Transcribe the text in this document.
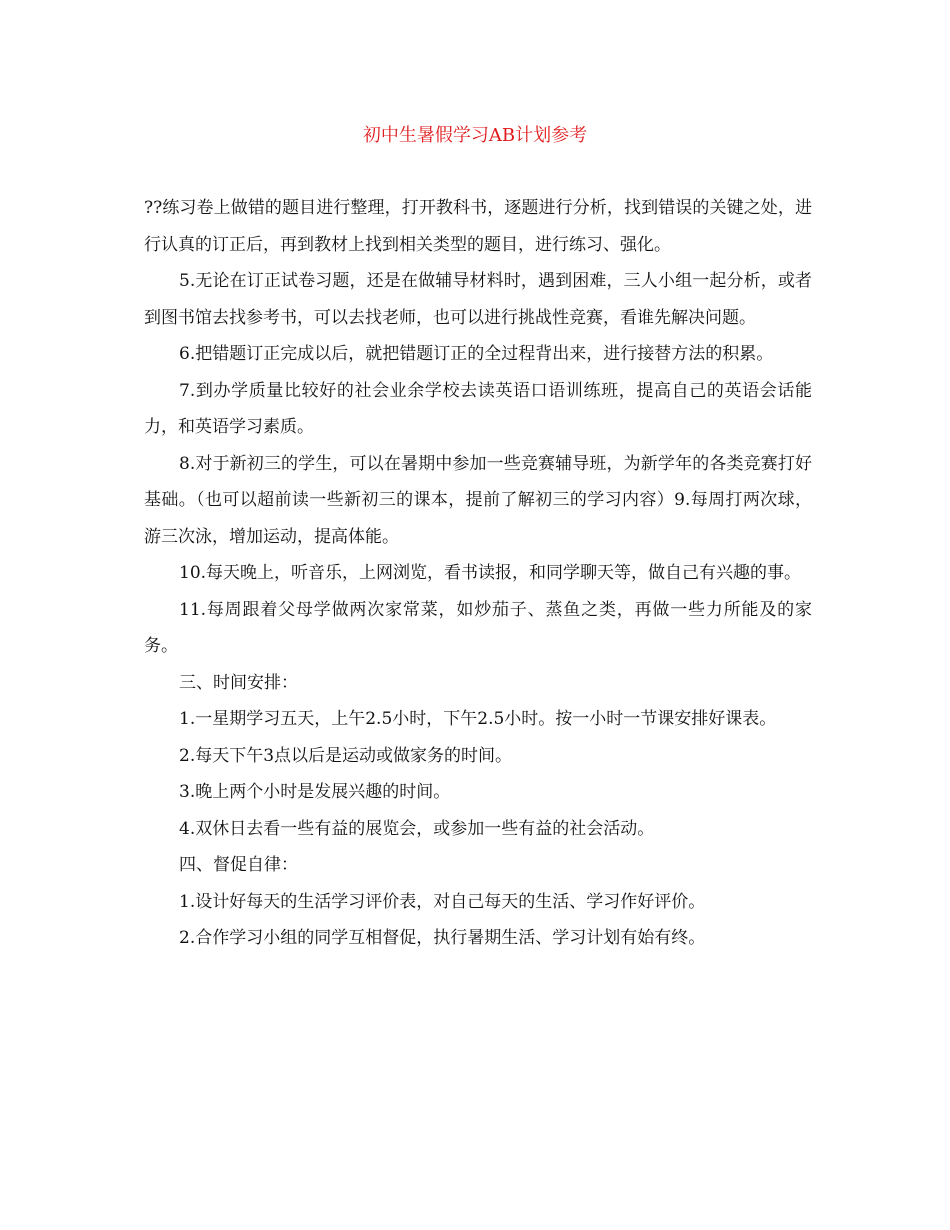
初中生暑假学习AB计划参考

??练习卷上做错的题目进行整理，打开教科书，逐题进行分析，找到错误的关键之处，进行认真的订正后，再到教材上找到相关类型的题目，进行练习、强化。

5.无论在订正试卷习题，还是在做辅导材料时，遇到困难，三人小组一起分析，或者到图书馆去找参考书，可以去找老师，也可以进行挑战性竞赛，看谁先解决问题。

6.把错题订正完成以后，就把错题订正的全过程背出来，进行接替方法的积累。

7.到办学质量比较好的社会业余学校去读英语口语训练班，提高自己的英语会话能力，和英语学习素质。

8.对于新初三的学生，可以在暑期中参加一些竞赛辅导班，为新学年的各类竞赛打好基础。（也可以超前读一些新初三的课本，提前了解初三的学习内容）9.每周打两次球，游三次泳，增加运动，提高体能。

10.每天晚上，听音乐，上网浏览，看书读报，和同学聊天等，做自己有兴趣的事。

11.每周跟着父母学做两次家常菜，如炒茄子、蒸鱼之类，再做一些力所能及的家务。

三、时间安排：

1.一星期学习五天，上午2.5小时，下午2.5小时。按一小时一节课安排好课表。

2.每天下午3点以后是运动或做家务的时间。

3.晚上两个小时是发展兴趣的时间。

4.双休日去看一些有益的展览会，或参加一些有益的社会活动。

四、督促自律：

1.设计好每天的生活学习评价表，对自己每天的生活、学习作好评价。

2.合作学习小组的同学互相督促，执行暑期生活、学习计划有始有终。
